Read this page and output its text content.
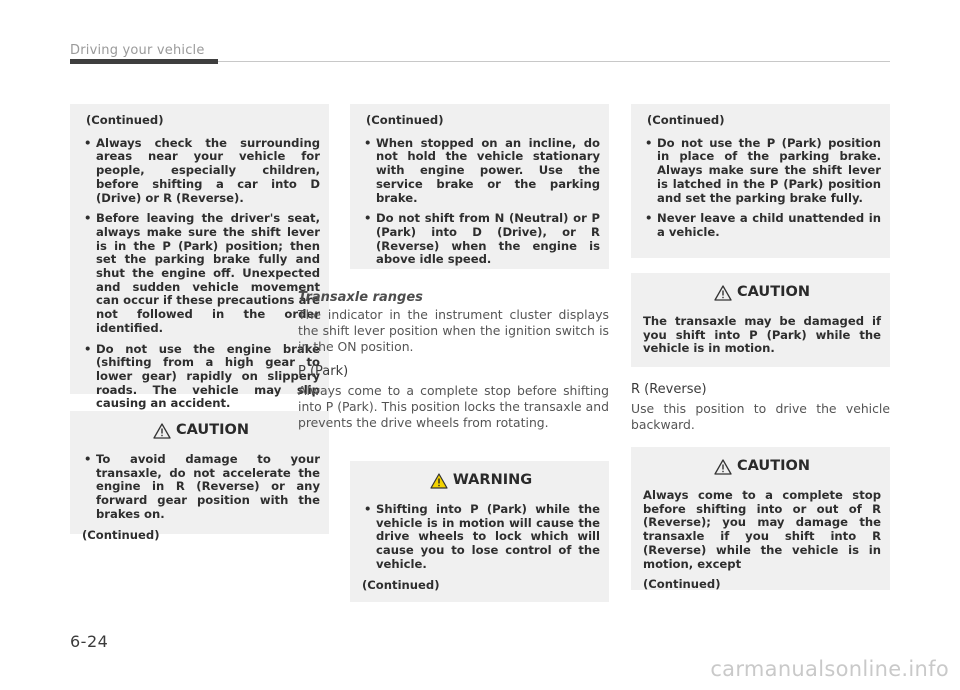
Driving your vehicle
(Continued)
• Always check the surrounding areas near your vehicle for people, especially children, before shifting a car into D (Drive) or R (Reverse).
• Before leaving the driver's seat, always make sure the shift lever is in the P (Park) position; then set the parking brake fully and shut the engine off. Unexpected and sudden vehicle movement can occur if these precautions are not followed in the order identified.
• Do not use the engine brake (shifting from a high gear to lower gear) rapidly on slippery roads. The vehicle may slip causing an accident.
CAUTION
• To avoid damage to your transaxle, do not accelerate the engine in R (Reverse) or any forward gear position with the brakes on.
(Continued)
(Continued)
• When stopped on an incline, do not hold the vehicle stationary with engine power. Use the service brake or the parking brake.
• Do not shift from N (Neutral) or P (Park) into D (Drive), or R (Reverse) when the engine is above idle speed.
Transaxle ranges
The indicator in the instrument cluster displays the shift lever position when the ignition switch is in the ON position.
P (Park)
Always come to a complete stop before shifting into P (Park). This position locks the transaxle and prevents the drive wheels from rotating.
WARNING
• Shifting into P (Park) while the vehicle is in motion will cause the drive wheels to lock which will cause you to lose control of the vehicle.
(Continued)
(Continued)
• Do not use the P (Park) position in place of the parking brake. Always make sure the shift lever is latched in the P (Park) position and set the parking brake fully.
• Never leave a child unattended in a vehicle.
CAUTION

The transaxle may be damaged if you shift into P (Park) while the vehicle is in motion.

R (Reverse)
Use this position to drive the vehicle backward.
CAUTION

Always come to a complete stop before shifting into or out of R (Reverse); you may damage the transaxle if you shift into R (Reverse) while the vehicle is in motion, except

(Continued)
6-24
carmanualsonline.info
